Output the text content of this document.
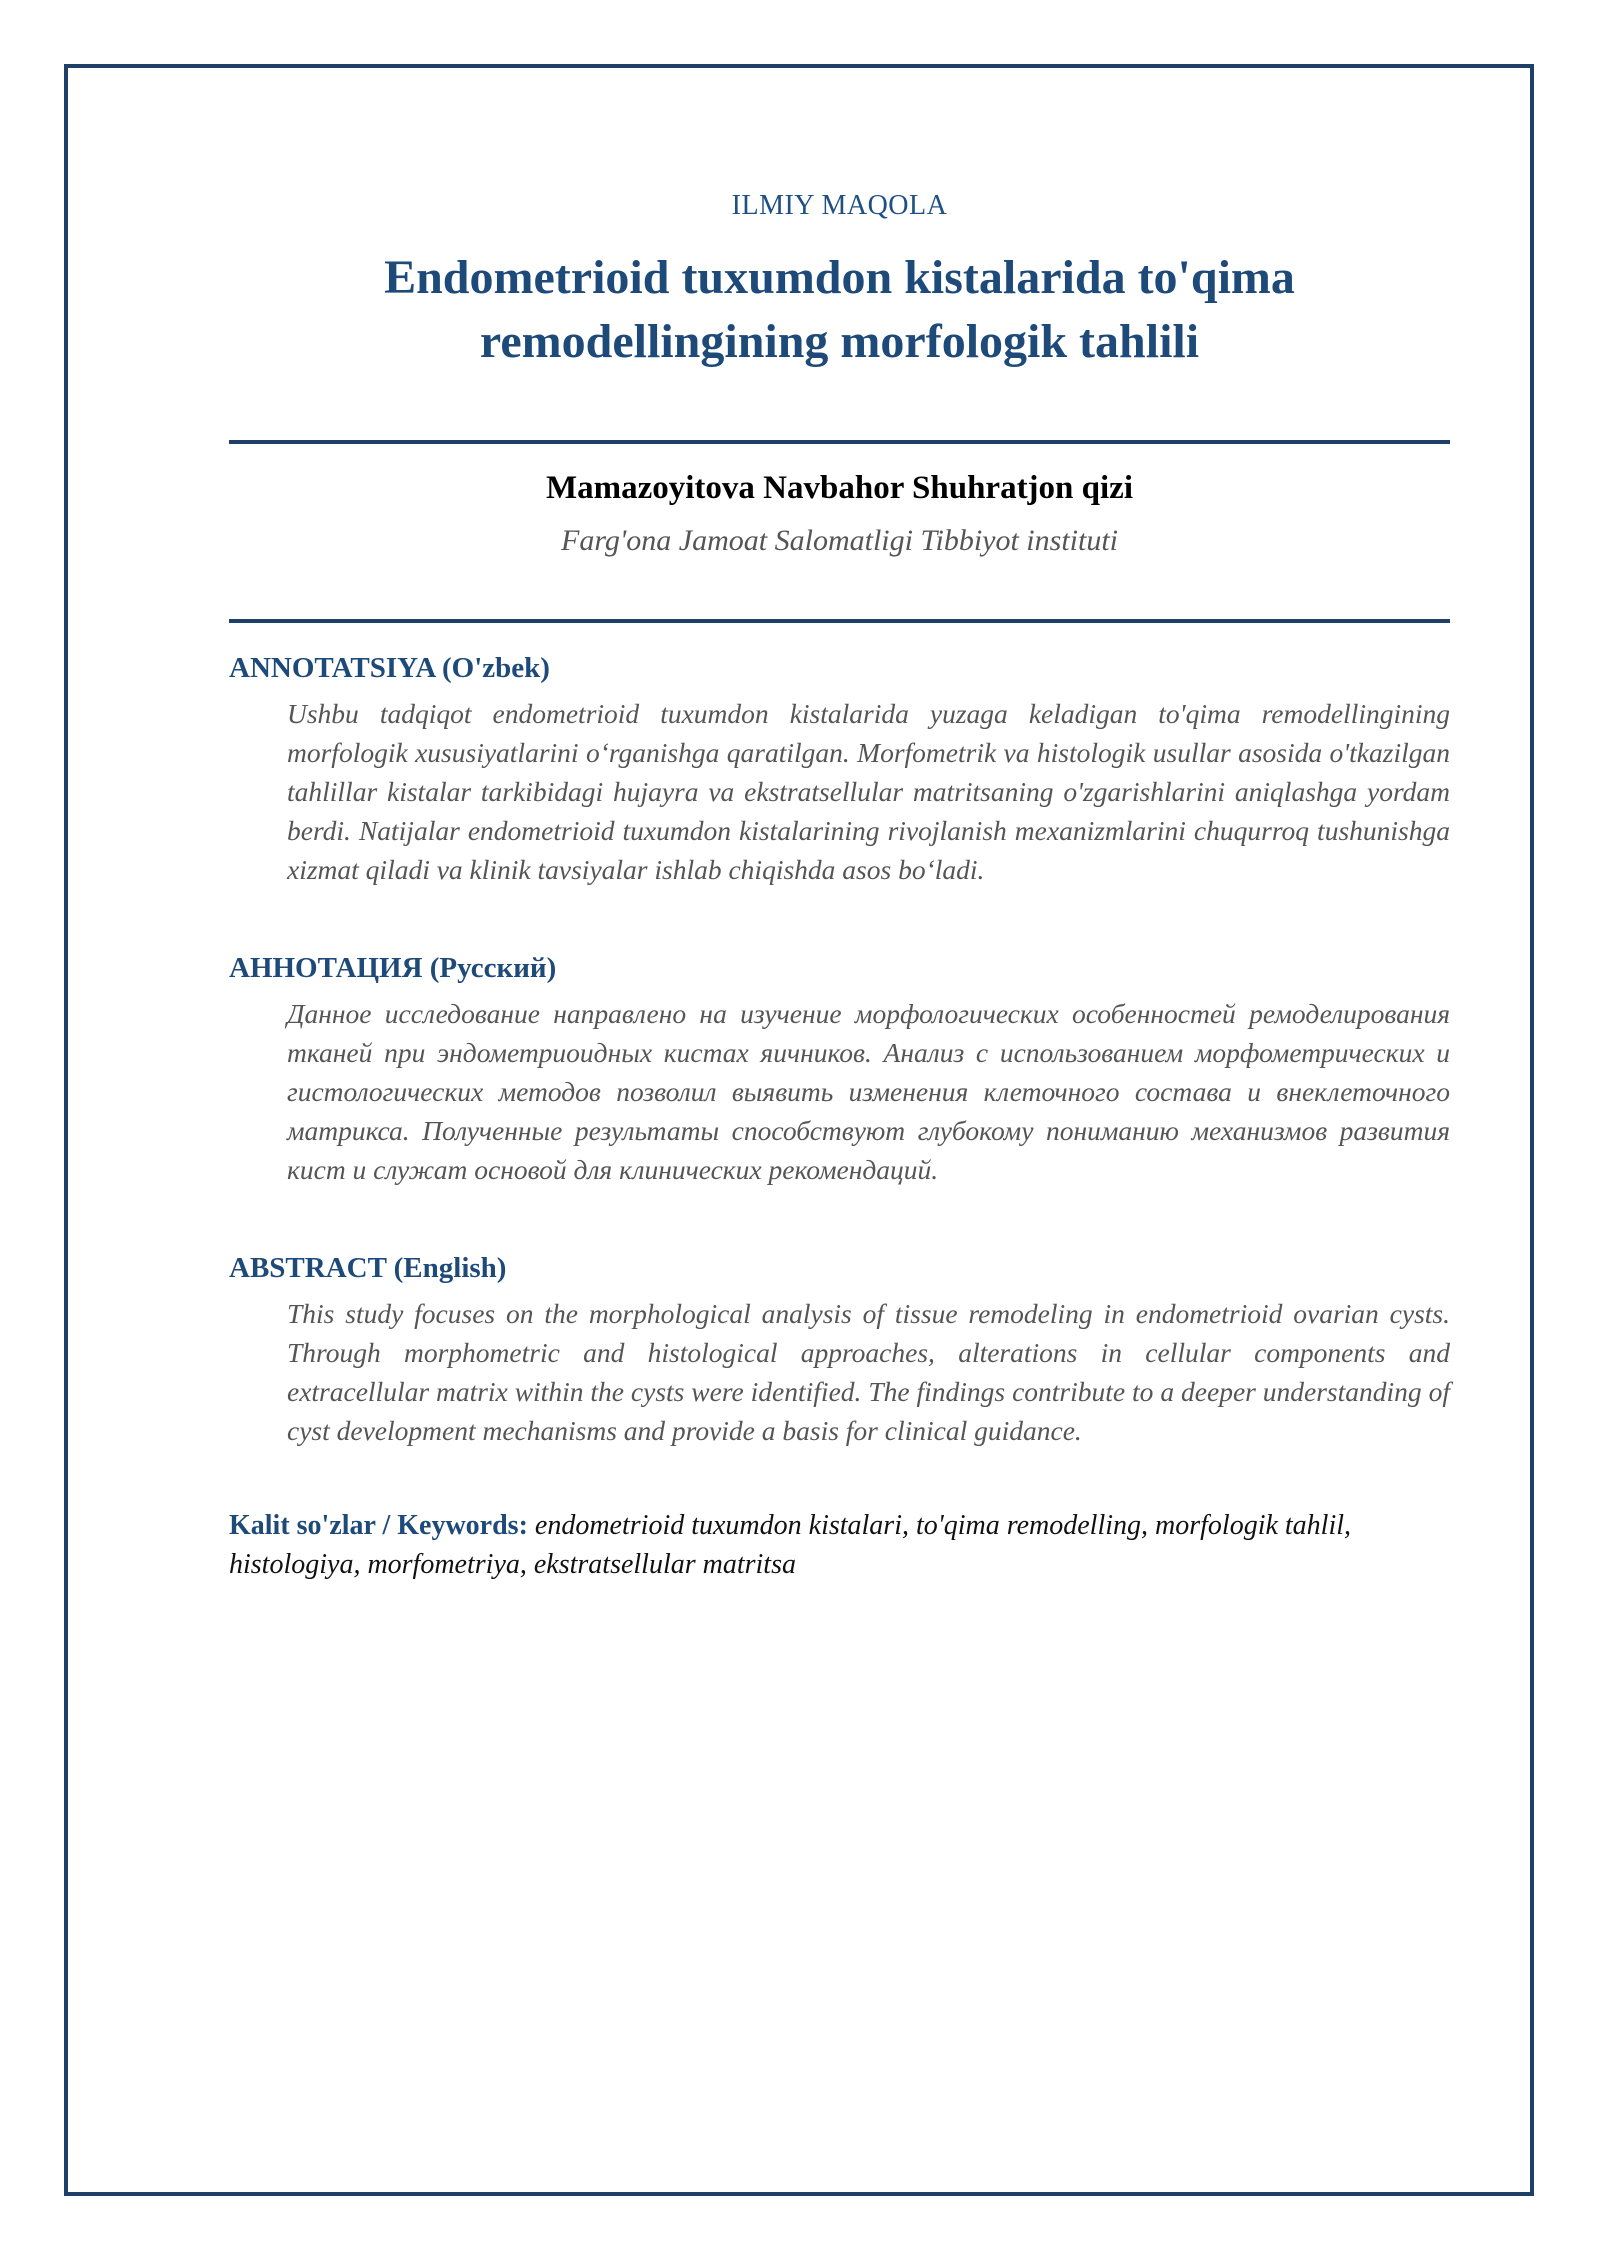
ILMIY MAQOLA
Endometrioid tuxumdon kistalarida to'qima
remodellingining morfologik tahlili
Mamazoyitova Navbahor Shuhratjon qizi
Farg'ona Jamoat Salomatligi Tibbiyot instituti
ANNOTATSIYA (O'zbek)

Ushbu tadqiqot endometrioid tuxumdon kistalarida yuzaga keladigan to'qima remodellingining morfologik xususiyatlarini o‘rganishga qaratilgan. Morfometrik va histologik usullar asosida o'tkazilgan tahlillar kistalar tarkibidagi hujayra va ekstratsellular matritsaning o'zgarishlarini aniqlashga yordam berdi. Natijalar endometrioid tuxumdon kistalarining rivojlanish mexanizmlarini chuqurroq tushunishga xizmat qiladi va klinik tavsiyalar ishlab chiqishda asos bo‘ladi.

АННОТАЦИЯ (Русский)

Данное исследование направлено на изучение морфологических особенностей ремоделирования тканей при эндометриоидных кистах яичников. Анализ с использованием морфометрических и гистологических методов позволил выявить изменения клеточного состава и внеклеточного матрикса. Полученные результаты способствуют глубокому пониманию механизмов развития кист и служат основой для клинических рекомендаций.

ABSTRACT (English)

This study focuses on the morphological analysis of tissue remodeling in endometrioid ovarian cysts. Through morphometric and histological approaches, alterations in cellular components and extracellular matrix within the cysts were identified. The findings contribute to a deeper understanding of cyst development mechanisms and provide a basis for clinical guidance.

Kalit so'zlar / Keywords: endometrioid tuxumdon kistalari, to'qima remodelling, morfologik tahlil, histologiya, morfometriya, ekstratsellular matritsa
